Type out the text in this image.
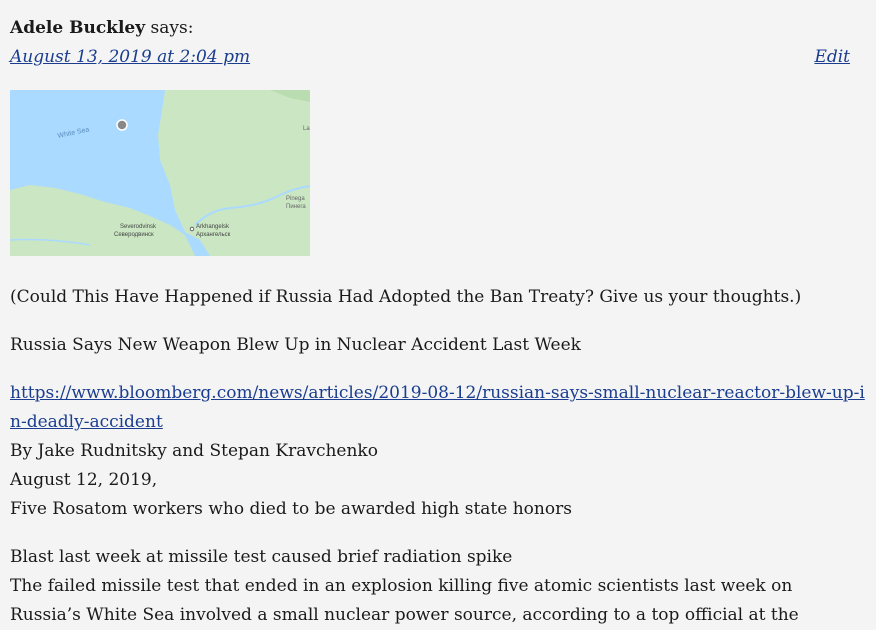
Adele Buckley says:
August 13, 2019 at 2:04 pm	Edit
White Sea
Severodvinsk
Северодвинск
Arkhangelsk
Архангельск
Pinega
Пинега
La

(Could This Have Happened if Russia Had Adopted the Ban Treaty? Give us your thoughts.)

Russia Says New Weapon Blew Up in Nuclear Accident Last Week

https://www.bloomberg.com/news/articles/2019-08-12/russian-says-small-nuclear-reactor-blew-up-in-deadly-accident

By Jake Rudnitsky and Stepan Kravchenko

August 12, 2019,

Five Rosatom workers who died to be awarded high state honors

Blast last week at missile test caused brief radiation spike

The failed missile test that ended in an explosion killing five atomic scientists last week on Russia’s White Sea involved a small nuclear power source, according to a top official at the
